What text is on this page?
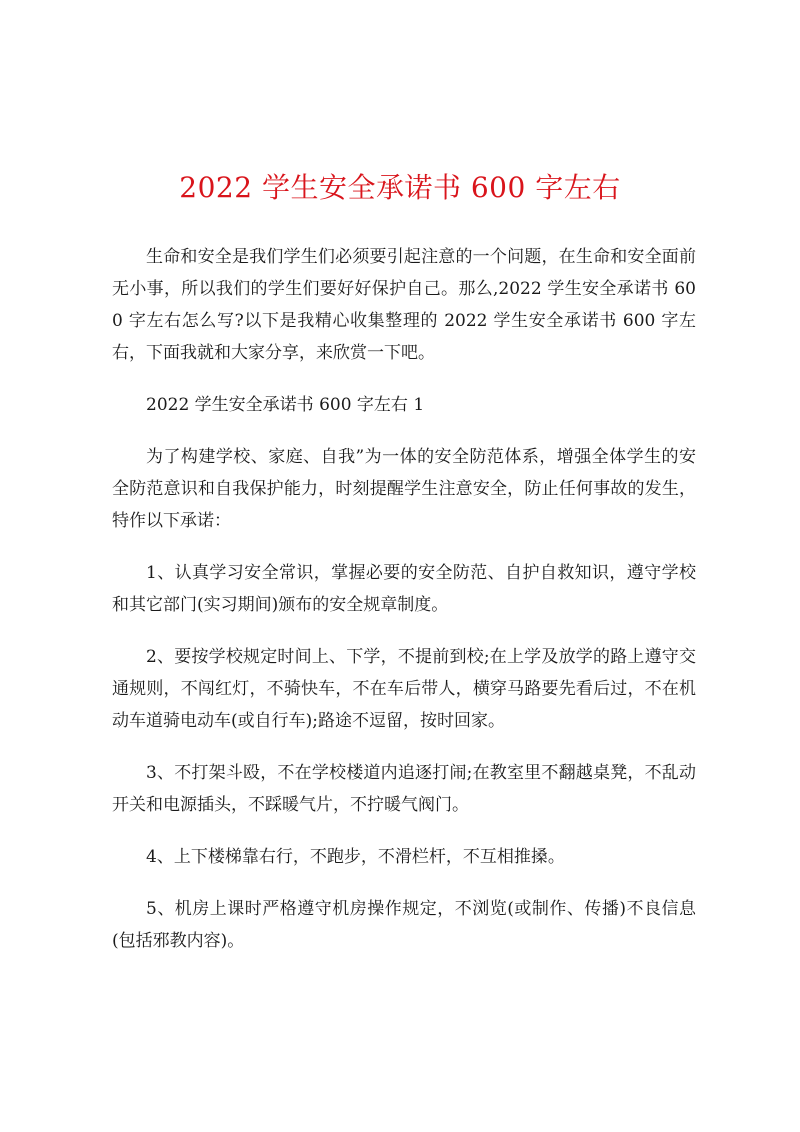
2022 学生安全承诺书 600 字左右

生命和安全是我们学生们必须要引起注意的一个问题，在生命和安全面前无小事，所以我们的学生们要好好保护自己。那么,2022 学生安全承诺书 600 字左右怎么写?以下是我精心收集整理的 2022 学生安全承诺书 600 字左右，下面我就和大家分享，来欣赏一下吧。

2022 学生安全承诺书 600 字左右 1

为了构建学校、家庭、自我”为一体的安全防范体系，增强全体学生的安全防范意识和自我保护能力，时刻提醒学生注意安全，防止任何事故的发生，特作以下承诺：

1、认真学习安全常识，掌握必要的安全防范、自护自救知识，遵守学校和其它部门(实习期间)颁布的安全规章制度。

2、要按学校规定时间上、下学，不提前到校;在上学及放学的路上遵守交通规则，不闯红灯，不骑快车，不在车后带人，横穿马路要先看后过，不在机动车道骑电动车(或自行车);路途不逗留，按时回家。

3、不打架斗殴，不在学校楼道内追逐打闹;在教室里不翻越桌凳，不乱动开关和电源插头，不踩暖气片，不拧暖气阀门。

4、上下楼梯靠右行，不跑步，不滑栏杆，不互相推搡。

5、机房上课时严格遵守机房操作规定，不浏览(或制作、传播)不良信息(包括邪教内容)。
